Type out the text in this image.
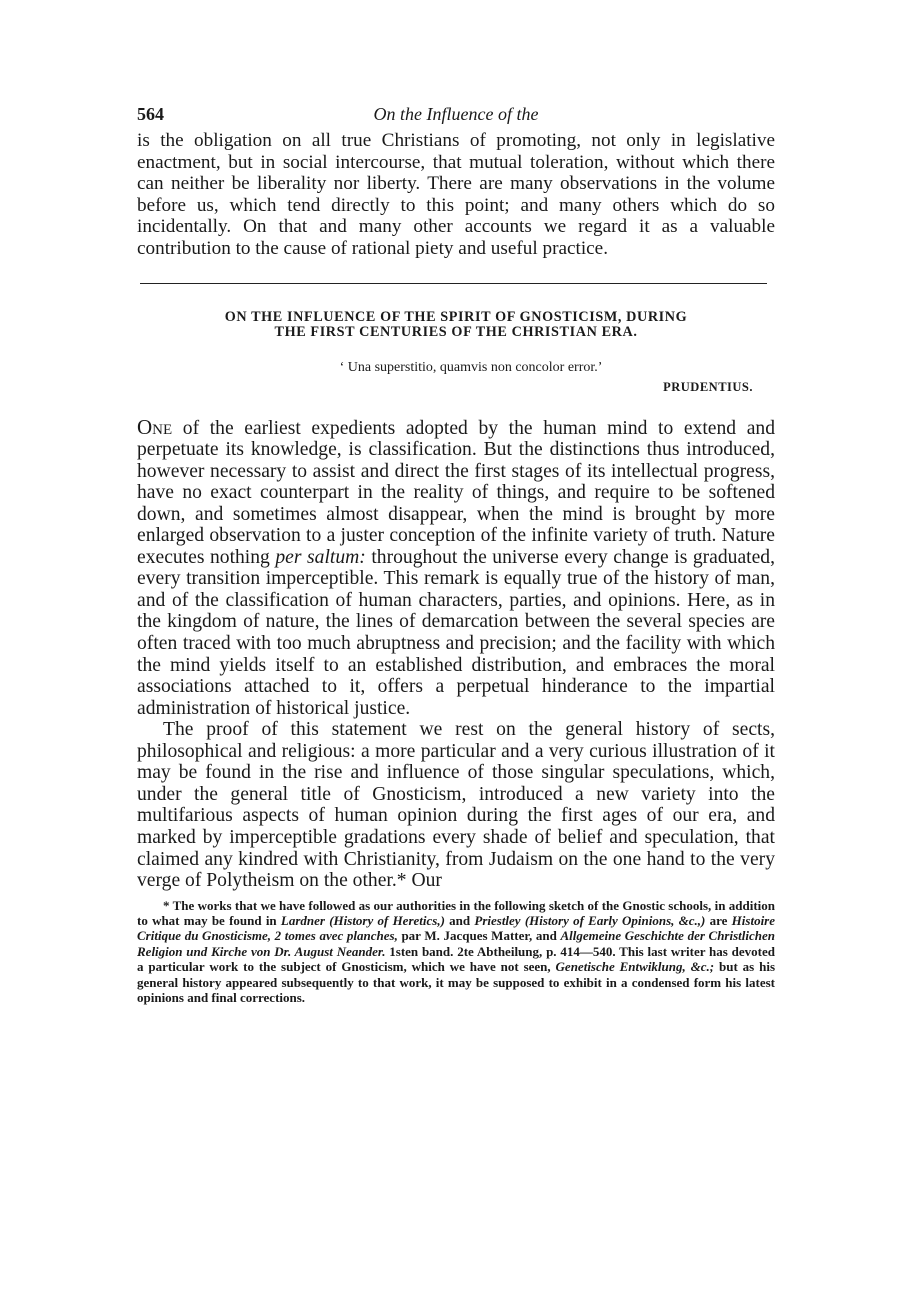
564	On the Influence of the

is the obligation on all true Christians of promoting, not only in legislative enactment, but in social intercourse, that mutual toleration, without which there can neither be liberality nor liberty. There are many observations in the volume before us, which tend directly to this point; and many others which do so incidentally. On that and many other accounts we regard it as a valuable contribution to the cause of rational piety and useful practice.

ON THE INFLUENCE OF THE SPIRIT OF GNOSTICISM, DURING
THE FIRST CENTURIES OF THE CHRISTIAN ERA.
‘ Una superstitio, quamvis non concolor error.’
PRUDENTIUS.

One of the earliest expedients adopted by the human mind to extend and perpetuate its knowledge, is classification. But the distinctions thus introduced, however necessary to assist and direct the first stages of its intellectual progress, have no exact counterpart in the reality of things, and require to be softened down, and sometimes almost disappear, when the mind is brought by more enlarged observation to a juster conception of the infinite variety of truth. Nature executes nothing per saltum: throughout the universe every change is graduated, every transition imperceptible. This remark is equally true of the history of man, and of the classification of human characters, parties, and opinions. Here, as in the kingdom of nature, the lines of demarcation between the several species are often traced with too much abruptness and precision; and the facility with which the mind yields itself to an established distribution, and embraces the moral associations attached to it, offers a perpetual hinderance to the impartial administration of historical justice.

The proof of this statement we rest on the general history of sects, philosophical and religious: a more particular and a very curious illustration of it may be found in the rise and influence of those singular speculations, which, under the general title of Gnosticism, introduced a new variety into the multifarious aspects of human opinion during the first ages of our era, and marked by imperceptible gradations every shade of belief and speculation, that claimed any kindred with Christianity, from Judaism on the one hand to the very verge of Polytheism on the other.* Our

* The works that we have followed as our authorities in the following sketch of the Gnostic schools, in addition to what may be found in Lardner (History of Heretics,) and Priestley (History of Early Opinions, &c.,) are Histoire Critique du Gnosticisme, 2 tomes avec planches, par M. Jacques Matter, and Allgemeine Geschichte der Christlichen Religion und Kirche von Dr. August Neander. 1sten band. 2te Abtheilung, p. 414—540. This last writer has devoted a particular work to the subject of Gnosticism, which we have not seen, Genetische Entwiklung, &c.; but as his general history appeared subsequently to that work, it may be supposed to exhibit in a condensed form his latest opinions and final corrections.
